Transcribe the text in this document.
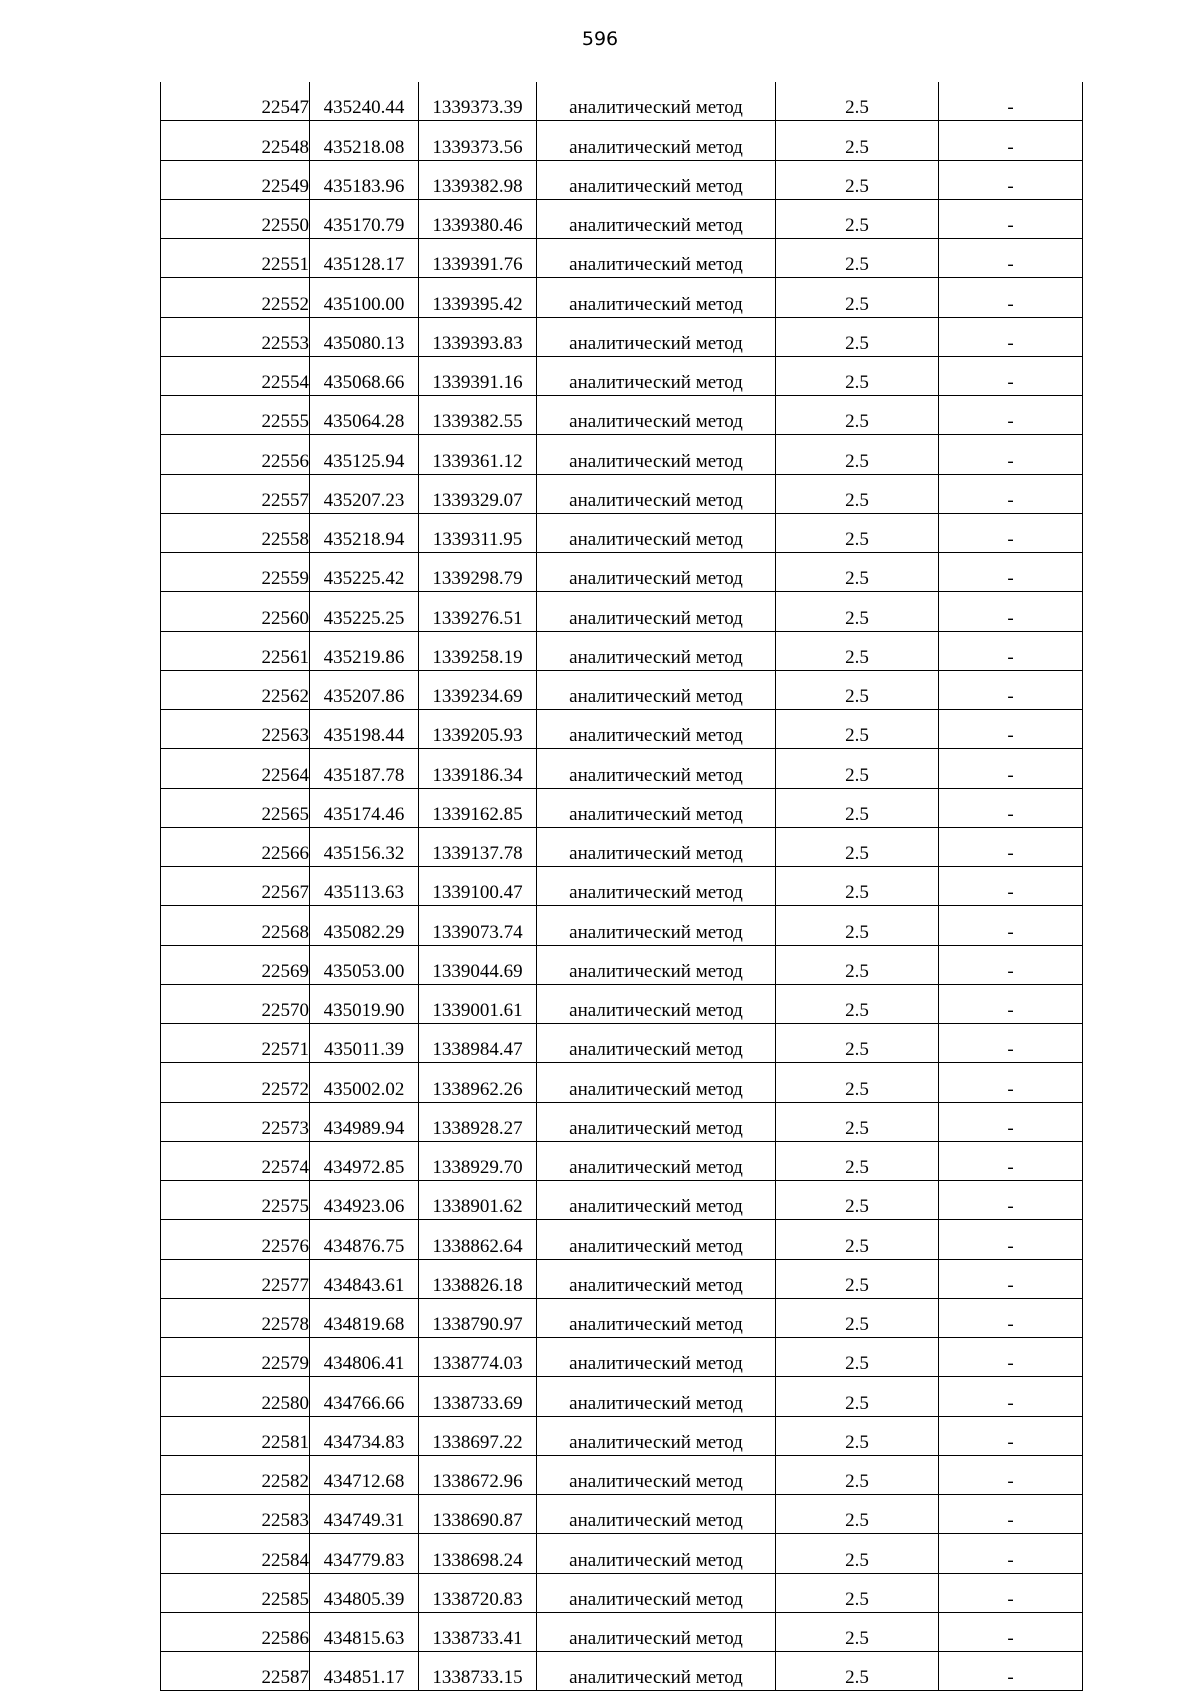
596
22547	435240.44	1339373.39	аналитический метод	2.5	-
22548	435218.08	1339373.56	аналитический метод	2.5	-
22549	435183.96	1339382.98	аналитический метод	2.5	-
22550	435170.79	1339380.46	аналитический метод	2.5	-
22551	435128.17	1339391.76	аналитический метод	2.5	-
22552	435100.00	1339395.42	аналитический метод	2.5	-
22553	435080.13	1339393.83	аналитический метод	2.5	-
22554	435068.66	1339391.16	аналитический метод	2.5	-
22555	435064.28	1339382.55	аналитический метод	2.5	-
22556	435125.94	1339361.12	аналитический метод	2.5	-
22557	435207.23	1339329.07	аналитический метод	2.5	-
22558	435218.94	1339311.95	аналитический метод	2.5	-
22559	435225.42	1339298.79	аналитический метод	2.5	-
22560	435225.25	1339276.51	аналитический метод	2.5	-
22561	435219.86	1339258.19	аналитический метод	2.5	-
22562	435207.86	1339234.69	аналитический метод	2.5	-
22563	435198.44	1339205.93	аналитический метод	2.5	-
22564	435187.78	1339186.34	аналитический метод	2.5	-
22565	435174.46	1339162.85	аналитический метод	2.5	-
22566	435156.32	1339137.78	аналитический метод	2.5	-
22567	435113.63	1339100.47	аналитический метод	2.5	-
22568	435082.29	1339073.74	аналитический метод	2.5	-
22569	435053.00	1339044.69	аналитический метод	2.5	-
22570	435019.90	1339001.61	аналитический метод	2.5	-
22571	435011.39	1338984.47	аналитический метод	2.5	-
22572	435002.02	1338962.26	аналитический метод	2.5	-
22573	434989.94	1338928.27	аналитический метод	2.5	-
22574	434972.85	1338929.70	аналитический метод	2.5	-
22575	434923.06	1338901.62	аналитический метод	2.5	-
22576	434876.75	1338862.64	аналитический метод	2.5	-
22577	434843.61	1338826.18	аналитический метод	2.5	-
22578	434819.68	1338790.97	аналитический метод	2.5	-
22579	434806.41	1338774.03	аналитический метод	2.5	-
22580	434766.66	1338733.69	аналитический метод	2.5	-
22581	434734.83	1338697.22	аналитический метод	2.5	-
22582	434712.68	1338672.96	аналитический метод	2.5	-
22583	434749.31	1338690.87	аналитический метод	2.5	-
22584	434779.83	1338698.24	аналитический метод	2.5	-
22585	434805.39	1338720.83	аналитический метод	2.5	-
22586	434815.63	1338733.41	аналитический метод	2.5	-
22587	434851.17	1338733.15	аналитический метод	2.5	-
